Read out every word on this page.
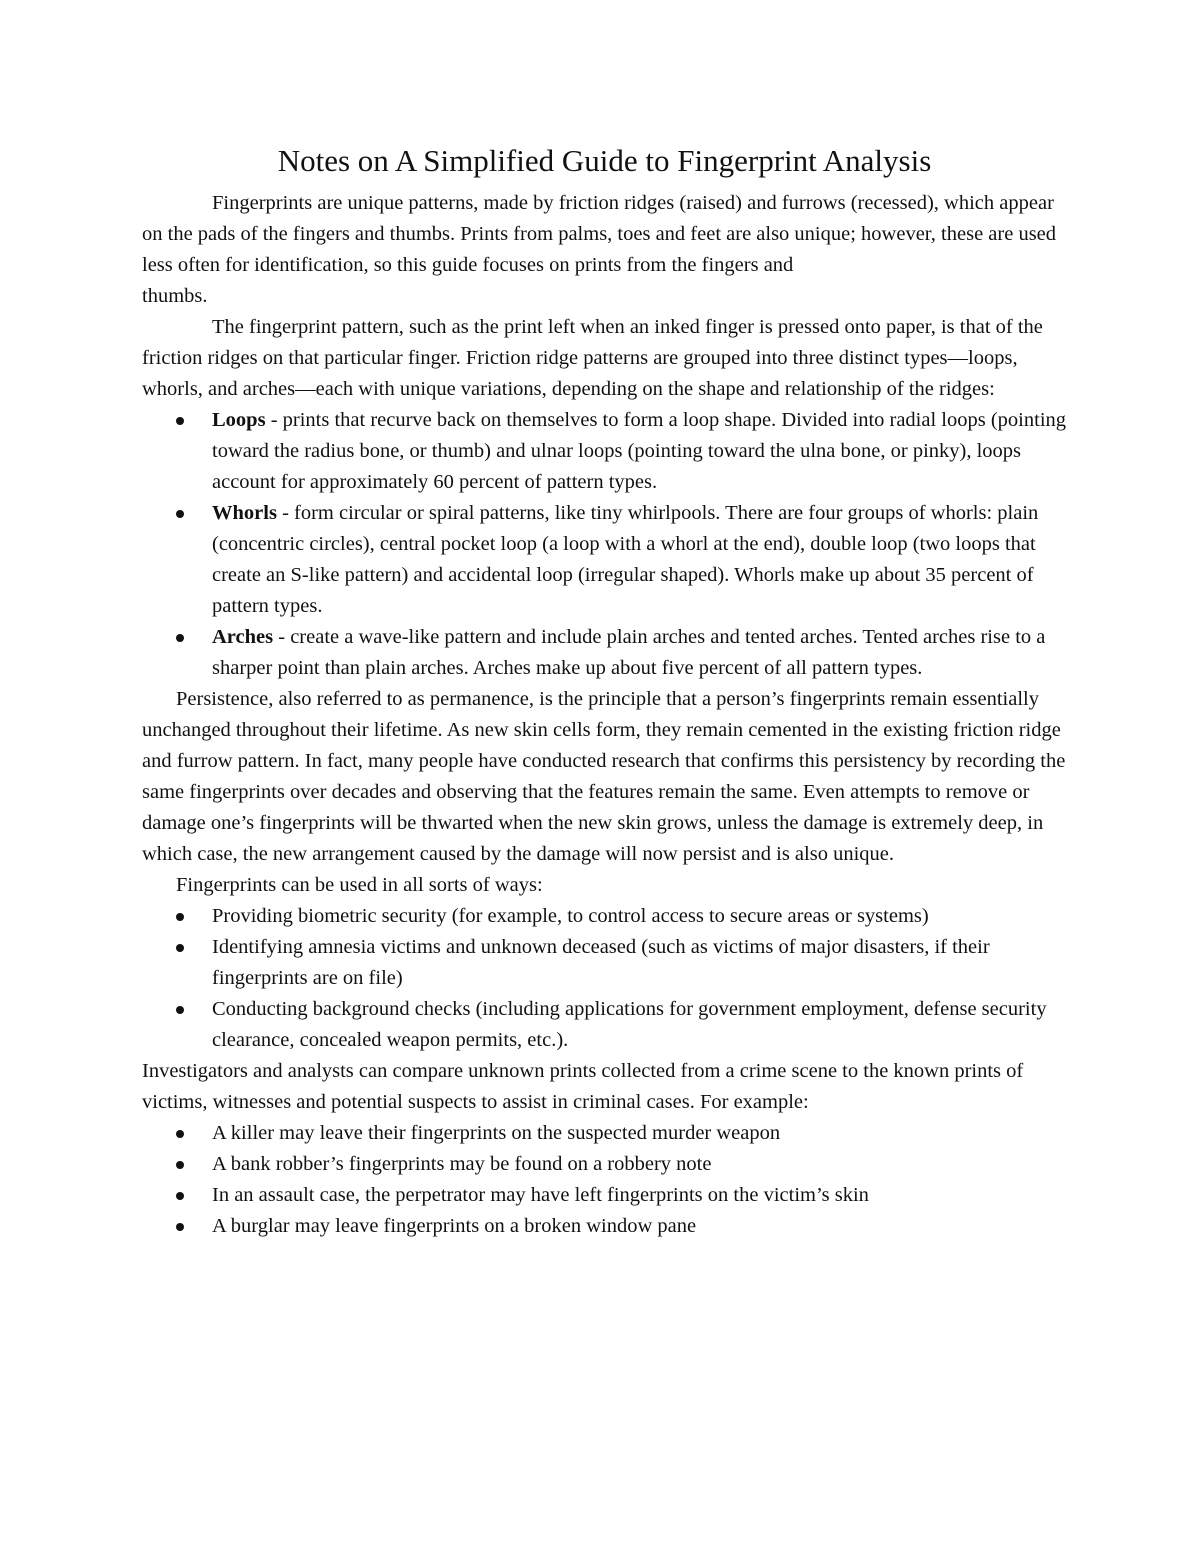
Notes on A Simplified Guide to Fingerprint Analysis

Fingerprints are unique patterns, made by friction ridges (raised) and furrows (recessed), which appear on the pads of the fingers and thumbs. Prints from palms, toes and feet are also unique; however, these are used less often for identification, so this guide focuses on prints from the fingers and

thumbs.

The fingerprint pattern, such as the print left when an inked finger is pressed onto paper, is that of the friction ridges on that particular finger. Friction ridge patterns are grouped into three distinct types—loops, whorls, and arches—each with unique variations, depending on the shape and relationship of the ridges:

Loops - prints that recurve back on themselves to form a loop shape. Divided into radial loops (pointing toward the radius bone, or thumb) and ulnar loops (pointing toward the ulna bone, or pinky), loops account for approximately 60 percent of pattern types.
Whorls - form circular or spiral patterns, like tiny whirlpools. There are four groups of whorls: plain (concentric circles), central pocket loop (a loop with a whorl at the end), double loop (two loops that create an S-like pattern) and accidental loop (irregular shaped). Whorls make up about 35 percent of pattern types.
Arches - create a wave-like pattern and include plain arches and tented arches. Tented arches rise to a sharper point than plain arches. Arches make up about five percent of all pattern types.

Persistence, also referred to as permanence, is the principle that a person’s fingerprints remain essentially unchanged throughout their lifetime. As new skin cells form, they remain cemented in the existing friction ridge and furrow pattern. In fact, many people have conducted research that confirms this persistency by recording the same fingerprints over decades and observing that the features remain the same. Even attempts to remove or damage one’s fingerprints will be thwarted when the new skin grows, unless the damage is extremely deep, in which case, the new arrangement caused by the damage will now persist and is also unique.

Fingerprints can be used in all sorts of ways:

Providing biometric security (for example, to control access to secure areas or systems)
Identifying amnesia victims and unknown deceased (such as victims of major disasters, if their fingerprints are on file)
Conducting background checks (including applications for government employment, defense security clearance, concealed weapon permits, etc.).

Investigators and analysts can compare unknown prints collected from a crime scene to the known prints of victims, witnesses and potential suspects to assist in criminal cases. For example:

A killer may leave their fingerprints on the suspected murder weapon
A bank robber’s fingerprints may be found on a robbery note
In an assault case, the perpetrator may have left fingerprints on the victim’s skin
A burglar may leave fingerprints on a broken window pane
